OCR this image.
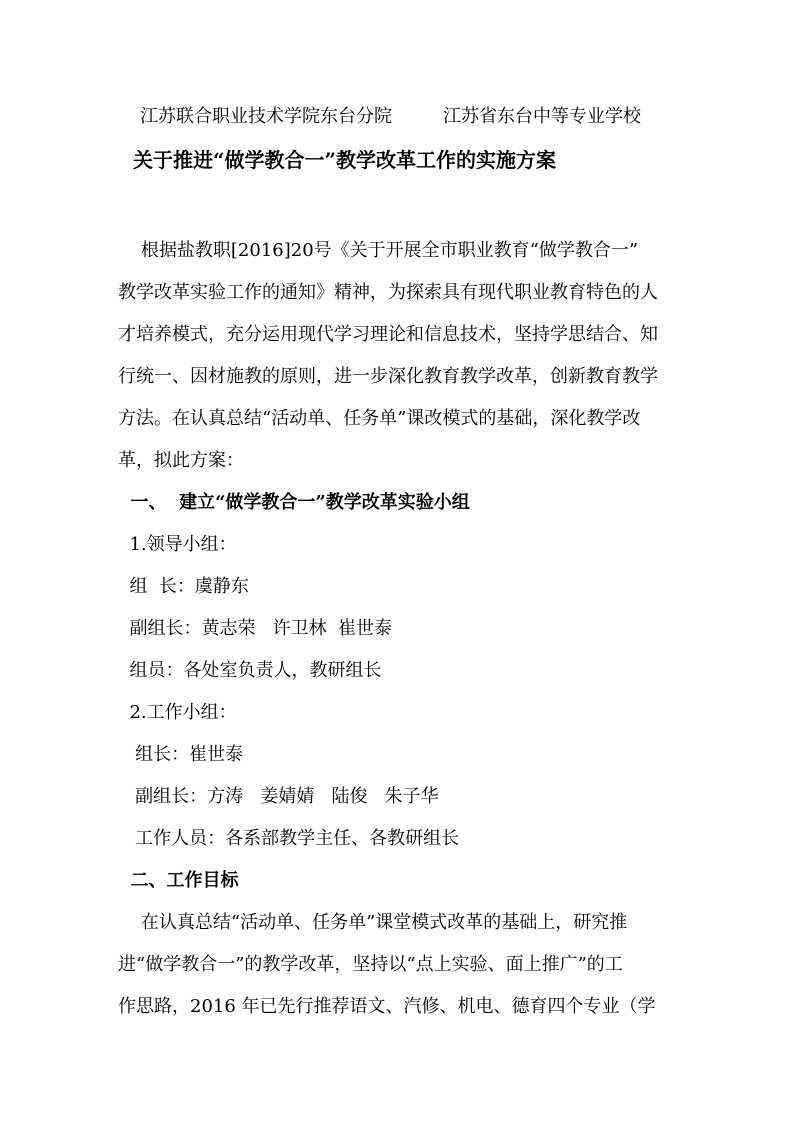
江苏联合职业技术学院东台分院	江苏省东台中等专业学校
关于推进“做学教合一”教学改革工作的实施方案
根据盐教职[2016]20号《关于开展全市职业教育“做学教合一”
教学改革实验工作的通知》精神，为探索具有现代职业教育特色的人
才培养模式，充分运用现代学习理论和信息技术，坚持学思结合、知
行统一、因材施教的原则，进一步深化教育教学改革，创新教育教学
方法。在认真总结“活动单、任务单”课改模式的基础，深化教学改
革，拟此方案：
一、  建立“做学教合一”教学改革实验小组
1.领导小组：
组  长：虞静东
副组长：黄志荣   许卫林  崔世泰
组员：各处室负责人，教研组长
2.工作小组：
组长：崔世泰
副组长：方涛   姜婧婧   陆俊   朱子华
工作人员：各系部教学主任、各教研组长
二、工作目标
在认真总结“活动单、任务单”课堂模式改革的基础上，研究推
进“做学教合一”的教学改革，坚持以“点上实验、面上推广”的工
作思路，2016 年已先行推荐语文、汽修、机电、德育四个专业（学
